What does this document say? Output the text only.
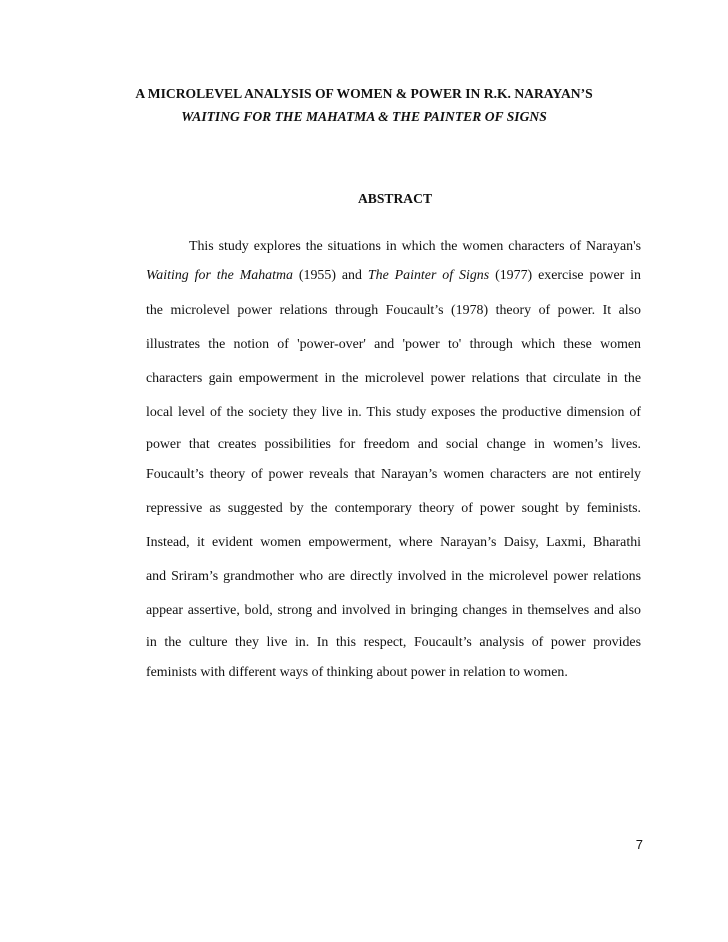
A MICROLEVEL ANALYSIS OF WOMEN & POWER IN R.K. NARAYAN’S
WAITING FOR THE MAHATMA & THE PAINTER OF SIGNS
ABSTRACT
This study explores the situations in which the women characters of Narayan's
Waiting for the Mahatma (1955) and The Painter of Signs (1977) exercise power in
the microlevel power relations through Foucault’s (1978) theory of power. It also
illustrates the notion of 'power-over' and 'power to' through which these women
characters gain empowerment in the microlevel power relations that circulate in the
local level of the society they live in. This study exposes the productive dimension of
power that creates possibilities for freedom and social change in women’s lives.
Foucault’s theory of power reveals that Narayan’s women characters are not entirely
repressive as suggested by the contemporary theory of power sought by feminists.
Instead, it evident women empowerment, where Narayan’s Daisy, Laxmi, Bharathi
and Sriram’s grandmother who are directly involved in the microlevel power relations
appear assertive, bold, strong and involved in bringing changes in themselves and also
in the culture they live in. In this respect, Foucault’s analysis of power provides
feminists with different ways of thinking about power in relation to women.
7
